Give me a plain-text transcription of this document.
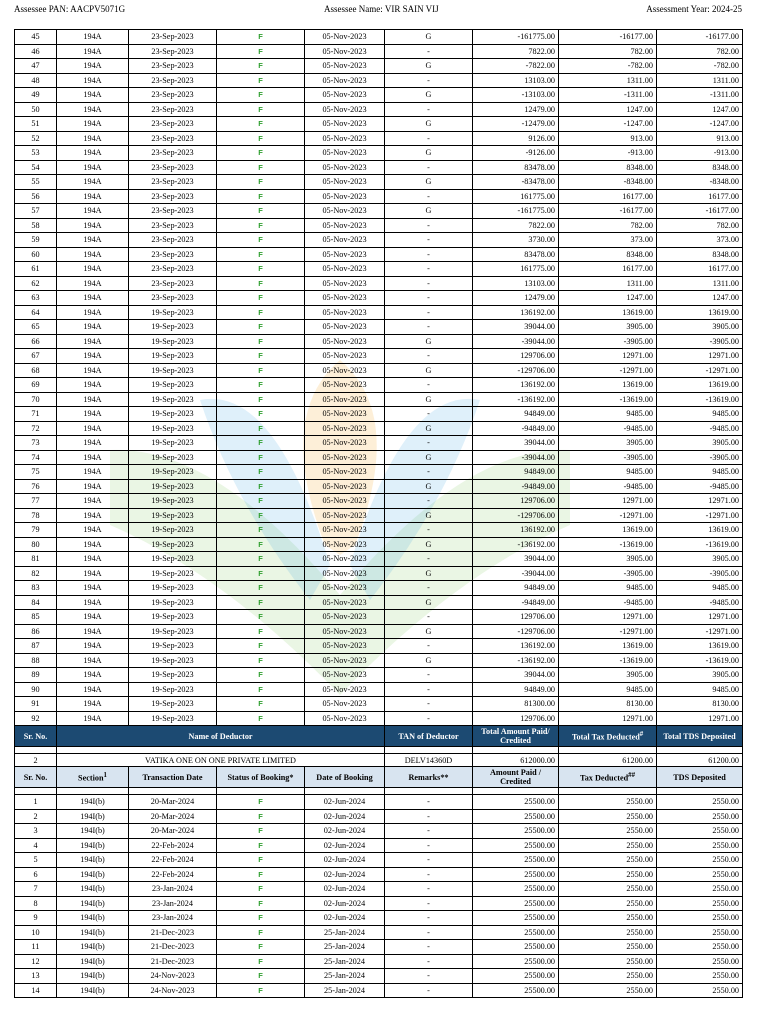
Assessee PAN: AACPV5071G	Assessee Name: VIR SAIN VIJ	Assessment Year: 2024-25
45	194A	23-Sep-2023	F	05-Nov-2023	G	-161775.00	-16177.00	-16177.00
46	194A	23-Sep-2023	F	05-Nov-2023	-	7822.00	782.00	782.00
47	194A	23-Sep-2023	F	05-Nov-2023	G	-7822.00	-782.00	-782.00
48	194A	23-Sep-2023	F	05-Nov-2023	-	13103.00	1311.00	1311.00
49	194A	23-Sep-2023	F	05-Nov-2023	G	-13103.00	-1311.00	-1311.00
50	194A	23-Sep-2023	F	05-Nov-2023	-	12479.00	1247.00	1247.00
51	194A	23-Sep-2023	F	05-Nov-2023	G	-12479.00	-1247.00	-1247.00
52	194A	23-Sep-2023	F	05-Nov-2023	-	9126.00	913.00	913.00
53	194A	23-Sep-2023	F	05-Nov-2023	G	-9126.00	-913.00	-913.00
54	194A	23-Sep-2023	F	05-Nov-2023	-	83478.00	8348.00	8348.00
55	194A	23-Sep-2023	F	05-Nov-2023	G	-83478.00	-8348.00	-8348.00
56	194A	23-Sep-2023	F	05-Nov-2023	-	161775.00	16177.00	16177.00
57	194A	23-Sep-2023	F	05-Nov-2023	G	-161775.00	-16177.00	-16177.00
58	194A	23-Sep-2023	F	05-Nov-2023	-	7822.00	782.00	782.00
59	194A	23-Sep-2023	F	05-Nov-2023	-	3730.00	373.00	373.00
60	194A	23-Sep-2023	F	05-Nov-2023	-	83478.00	8348.00	8348.00
61	194A	23-Sep-2023	F	05-Nov-2023	-	161775.00	16177.00	16177.00
62	194A	23-Sep-2023	F	05-Nov-2023	-	13103.00	1311.00	1311.00
63	194A	23-Sep-2023	F	05-Nov-2023	-	12479.00	1247.00	1247.00
64	194A	19-Sep-2023	F	05-Nov-2023	-	136192.00	13619.00	13619.00
65	194A	19-Sep-2023	F	05-Nov-2023	-	39044.00	3905.00	3905.00
66	194A	19-Sep-2023	F	05-Nov-2023	G	-39044.00	-3905.00	-3905.00
67	194A	19-Sep-2023	F	05-Nov-2023	-	129706.00	12971.00	12971.00
68	194A	19-Sep-2023	F	05-Nov-2023	G	-129706.00	-12971.00	-12971.00
69	194A	19-Sep-2023	F	05-Nov-2023	-	136192.00	13619.00	13619.00
70	194A	19-Sep-2023	F	05-Nov-2023	G	-136192.00	-13619.00	-13619.00
71	194A	19-Sep-2023	F	05-Nov-2023	-	94849.00	9485.00	9485.00
72	194A	19-Sep-2023	F	05-Nov-2023	G	-94849.00	-9485.00	-9485.00
73	194A	19-Sep-2023	F	05-Nov-2023	-	39044.00	3905.00	3905.00
74	194A	19-Sep-2023	F	05-Nov-2023	G	-39044.00	-3905.00	-3905.00
75	194A	19-Sep-2023	F	05-Nov-2023	-	94849.00	9485.00	9485.00
76	194A	19-Sep-2023	F	05-Nov-2023	G	-94849.00	-9485.00	-9485.00
77	194A	19-Sep-2023	F	05-Nov-2023	-	129706.00	12971.00	12971.00
78	194A	19-Sep-2023	F	05-Nov-2023	G	-129706.00	-12971.00	-12971.00
79	194A	19-Sep-2023	F	05-Nov-2023	-	136192.00	13619.00	13619.00
80	194A	19-Sep-2023	F	05-Nov-2023	G	-136192.00	-13619.00	-13619.00
81	194A	19-Sep-2023	F	05-Nov-2023	-	39044.00	3905.00	3905.00
82	194A	19-Sep-2023	F	05-Nov-2023	G	-39044.00	-3905.00	-3905.00
83	194A	19-Sep-2023	F	05-Nov-2023	-	94849.00	9485.00	9485.00
84	194A	19-Sep-2023	F	05-Nov-2023	G	-94849.00	-9485.00	-9485.00
85	194A	19-Sep-2023	F	05-Nov-2023	-	129706.00	12971.00	12971.00
86	194A	19-Sep-2023	F	05-Nov-2023	G	-129706.00	-12971.00	-12971.00
87	194A	19-Sep-2023	F	05-Nov-2023	-	136192.00	13619.00	13619.00
88	194A	19-Sep-2023	F	05-Nov-2023	G	-136192.00	-13619.00	-13619.00
89	194A	19-Sep-2023	F	05-Nov-2023	-	39044.00	3905.00	3905.00
90	194A	19-Sep-2023	F	05-Nov-2023	-	94849.00	9485.00	9485.00
91	194A	19-Sep-2023	F	05-Nov-2023	-	81300.00	8130.00	8130.00
92	194A	19-Sep-2023	F	05-Nov-2023	-	129706.00	12971.00	12971.00
Sr. No.	Name of Deductor				TAN of Deductor	Total Amount Paid/ Credited	Total Tax Deducted#	Total TDS Deposited

2	VATIKA ONE ON ONE PRIVATE LIMITED				DELV14360D	612000.00	61200.00	61200.00
Sr. No.	Section$^1$	Transaction Date	Status of Booking*	Date of Booking	Remarks**	Amount Paid / Credited	Tax Deducted##	TDS Deposited

1	194I(b)	20-Mar-2024	F	02-Jun-2024	-	25500.00	2550.00	2550.00
2	194I(b)	20-Mar-2024	F	02-Jun-2024	-	25500.00	2550.00	2550.00
3	194I(b)	20-Mar-2024	F	02-Jun-2024	-	25500.00	2550.00	2550.00
4	194I(b)	22-Feb-2024	F	02-Jun-2024	-	25500.00	2550.00	2550.00
5	194I(b)	22-Feb-2024	F	02-Jun-2024	-	25500.00	2550.00	2550.00
6	194I(b)	22-Feb-2024	F	02-Jun-2024	-	25500.00	2550.00	2550.00
7	194I(b)	23-Jan-2024	F	02-Jun-2024	-	25500.00	2550.00	2550.00
8	194I(b)	23-Jan-2024	F	02-Jun-2024	-	25500.00	2550.00	2550.00
9	194I(b)	23-Jan-2024	F	02-Jun-2024	-	25500.00	2550.00	2550.00
10	194I(b)	21-Dec-2023	F	25-Jan-2024	-	25500.00	2550.00	2550.00
11	194I(b)	21-Dec-2023	F	25-Jan-2024	-	25500.00	2550.00	2550.00
12	194I(b)	21-Dec-2023	F	25-Jan-2024	-	25500.00	2550.00	2550.00
13	194I(b)	24-Nov-2023	F	25-Jan-2024	-	25500.00	2550.00	2550.00
14	194I(b)	24-Nov-2023	F	25-Jan-2024	-	25500.00	2550.00	2550.00
